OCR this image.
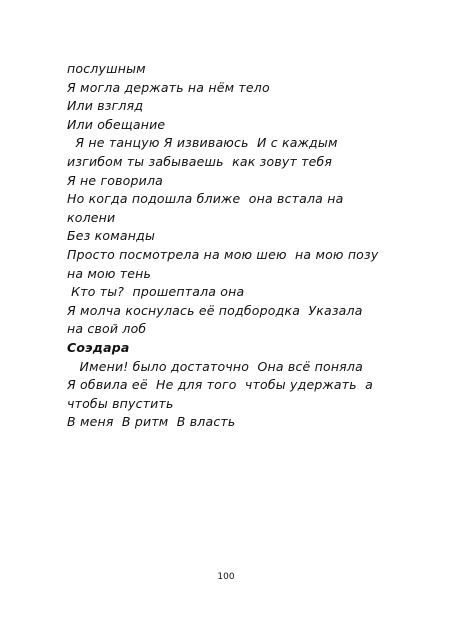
послушным
Я могла держать на нём тело
Или взгляд
Или обещание
Я не танцую Я извиваюсь  И с каждым
изгибом ты забываешь  как зовут тебя
Я не говорила
Но когда подошла ближе  она встала на
колени
Без команды
Просто посмотрела на мою шею  на мою позу
на мою тень
Кто ты?  прошептала она
Я молча коснулась её подбородка  Указала
на свой лоб
Соэдара
Имени! было достаточно  Она всё поняла
Я обвила её  Не для того  чтобы удержать  а
чтобы впустить
В меня  В ритм  В власть
100
